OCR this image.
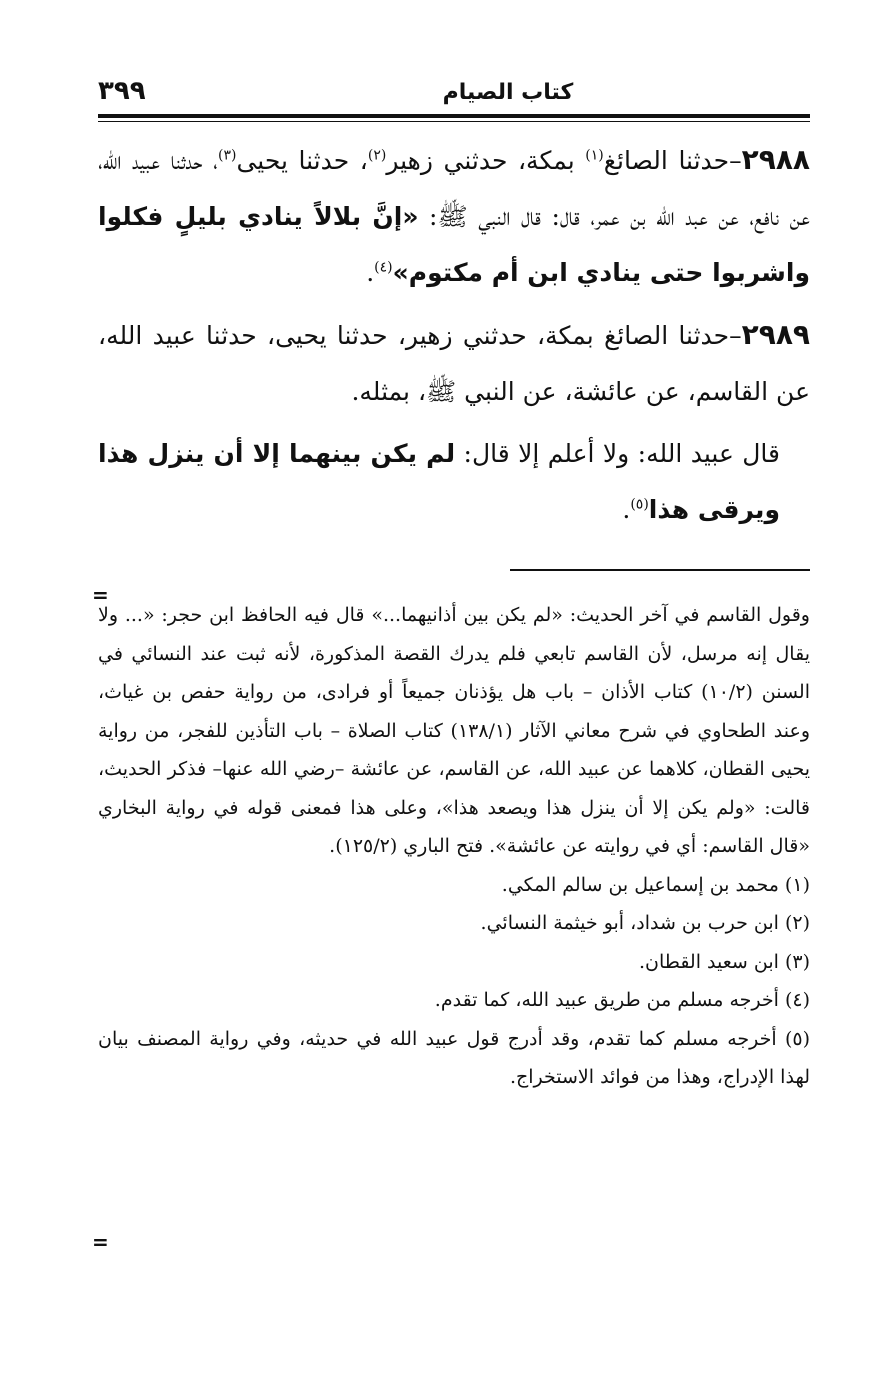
٣٩٩	كتاب الصيام

٢٩٨٨–حدثنا الصائغ$^{(١)}$ بمكة، حدثني زهير$^{(٢)}$، حدثنا يحيى$^{(٣)}$، حدثنا عبيد الله، عن نافع، عن عبد الله بن عمر، قال: قال النبي ﷺ: «إنَّ بلالاً ينادي بليلٍ فكلوا واشربوا حتى ينادي ابن أم مكتوم»$^{(٤)}$.

٢٩٨٩–حدثنا الصائغ بمكة، حدثني زهير، حدثنا يحيى، حدثنا عبيد الله، عن القاسم، عن عائشة، عن النبي ﷺ، بمثله.

قال عبيد الله: ولا أعلم إلا قال: لم يكن بينهما إلا أن ينزل هذا ويرقى هذا$^{(٥)}$.

=

وقول القاسم في آخر الحديث: «لم يكن بين أذانيهما...» قال فيه الحافظ ابن حجر: «... ولا يقال إنه مرسل، لأن القاسم تابعي فلم يدرك القصة المذكورة، لأنه ثبت عند النسائي في السنن (١٠/٢) كتاب الأذان – باب هل يؤذنان جميعاً أو فرادى، من رواية حفص بن غياث، وعند الطحاوي في شرح معاني الآثار (١٣٨/١) كتاب الصلاة – باب التأذين للفجر، من رواية يحيى القطان، كلاهما عن عبيد الله، عن القاسم، عن عائشة –رضي الله عنها– فذكر الحديث، قالت: «ولم يكن إلا أن ينزل هذا ويصعد هذا»، وعلى هذا فمعنى قوله في رواية البخاري «قال القاسم: أي في روايته عن عائشة». فتح الباري (١٢٥/٢).

(١) محمد بن إسماعيل بن سالم المكي.

(٢) ابن حرب بن شداد، أبو خيثمة النسائي.

(٣) ابن سعيد القطان.

(٤) أخرجه مسلم من طريق عبيد الله، كما تقدم.

(٥) أخرجه مسلم كما تقدم، وقد أدرج قول عبيد الله في حديثه، وفي رواية المصنف بيان لهذا الإدراج، وهذا من فوائد الاستخراج.

=
